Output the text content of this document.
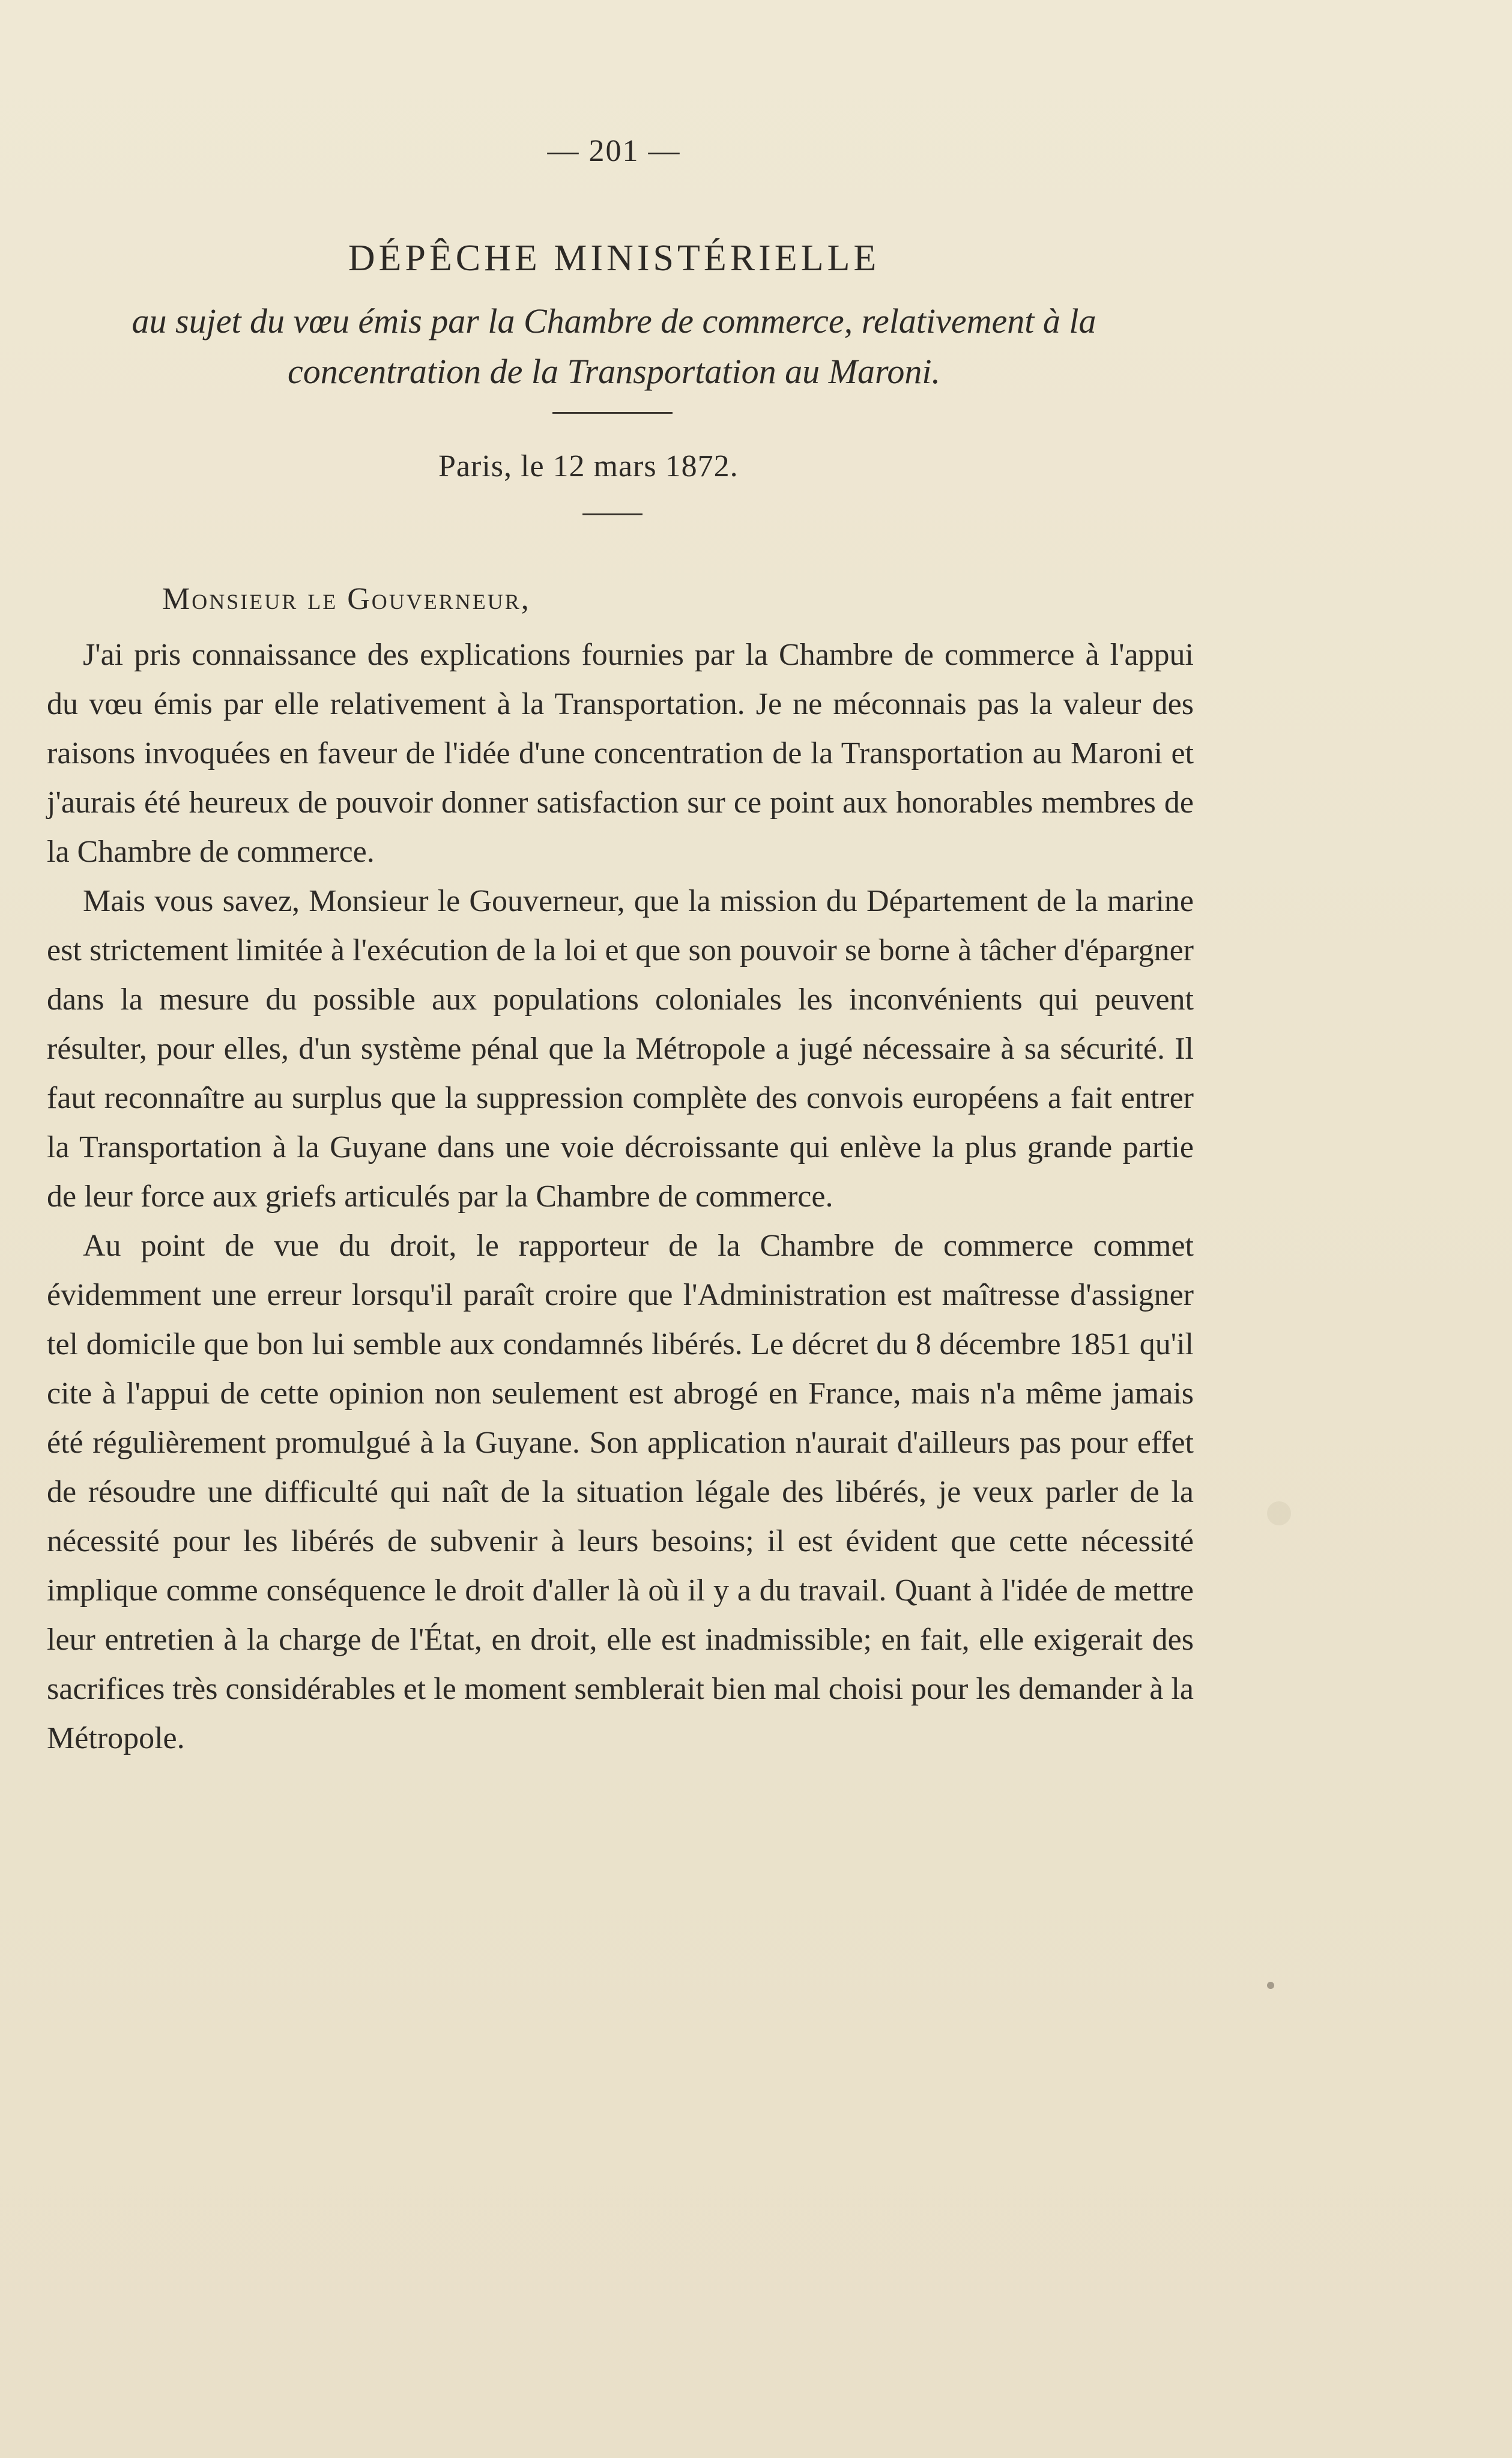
— 201 —
DÉPÊCHE MINISTÉRIELLE
au sujet du vœu émis par la Chambre de commerce, relativement à la concentration de la Transportation au Maroni.
Paris, le 12 mars 1872.
Monsieur le Gouverneur,

J'ai pris connaissance des explications fournies par la Chambre de commerce à l'appui du vœu émis par elle relativement à la Transportation. Je ne méconnais pas la valeur des raisons invoquées en faveur de l'idée d'une concentration de la Transportation au Maroni et j'aurais été heureux de pouvoir donner satisfaction sur ce point aux honorables membres de la Chambre de commerce.

Mais vous savez, Monsieur le Gouverneur, que la mission du Département de la marine est strictement limitée à l'exécution de la loi et que son pouvoir se borne à tâcher d'épargner dans la mesure du possible aux populations coloniales les inconvénients qui peuvent résulter, pour elles, d'un système pénal que la Métropole a jugé nécessaire à sa sécurité. Il faut reconnaître au surplus que la suppression complète des convois européens a fait entrer la Transportation à la Guyane dans une voie décroissante qui enlève la plus grande partie de leur force aux griefs articulés par la Chambre de commerce.

Au point de vue du droit, le rapporteur de la Chambre de commerce commet évidemment une erreur lorsqu'il paraît croire que l'Administration est maîtresse d'assigner tel domicile que bon lui semble aux condamnés libérés. Le décret du 8 décembre 1851 qu'il cite à l'appui de cette opinion non seulement est abrogé en France, mais n'a même jamais été régulièrement promulgué à la Guyane. Son application n'aurait d'ailleurs pas pour effet de résoudre une difficulté qui naît de la situation légale des libérés, je veux parler de la nécessité pour les libérés de subvenir à leurs besoins; il est évident que cette nécessité implique comme conséquence le droit d'aller là où il y a du travail. Quant à l'idée de mettre leur entretien à la charge de l'État, en droit, elle est inadmissible; en fait, elle exigerait des sacrifices très considérables et le moment semblerait bien mal choisi pour les demander à la Métropole.
